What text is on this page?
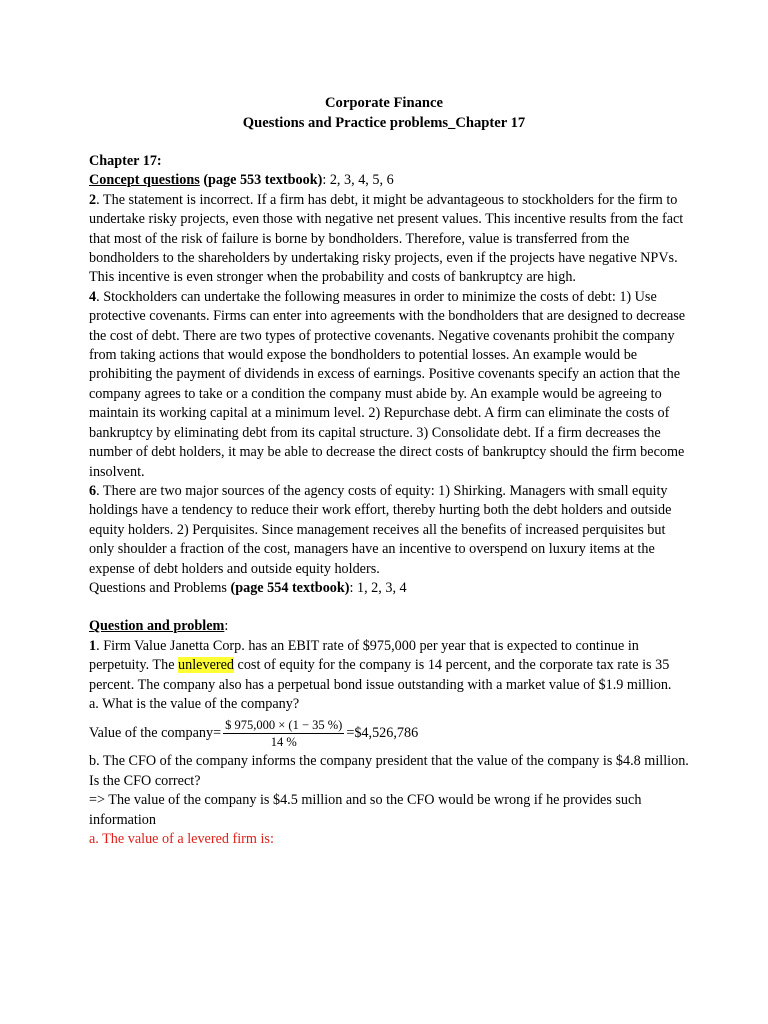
Corporate Finance
Questions and Practice problems_Chapter 17

Chapter 17:

Concept questions (page 553 textbook): 2, 3, 4, 5, 6

2. The statement is incorrect. If a firm has debt, it might be advantageous to stockholders for the firm to undertake risky projects, even those with negative net present values. This incentive results from the fact that most of the risk of failure is borne by bondholders. Therefore, value is transferred from the bondholders to the shareholders by undertaking risky projects, even if the projects have negative NPVs. This incentive is even stronger when the probability and costs of bankruptcy are high.

4. Stockholders can undertake the following measures in order to minimize the costs of debt: 1) Use protective covenants. Firms can enter into agreements with the bondholders that are designed to decrease the cost of debt. There are two types of protective covenants. Negative covenants prohibit the company from taking actions that would expose the bondholders to potential losses. An example would be prohibiting the payment of dividends in excess of earnings. Positive covenants specify an action that the company agrees to take or a condition the company must abide by. An example would be agreeing to maintain its working capital at a minimum level. 2) Repurchase debt. A firm can eliminate the costs of bankruptcy by eliminating debt from its capital structure. 3) Consolidate debt. If a firm decreases the number of debt holders, it may be able to decrease the direct costs of bankruptcy should the firm become insolvent.

6. There are two major sources of the agency costs of equity: 1) Shirking. Managers with small equity holdings have a tendency to reduce their work effort, thereby hurting both the debt holders and outside equity holders. 2) Perquisites. Since management receives all the benefits of increased perquisites but only shoulder a fraction of the cost, managers have an incentive to overspend on luxury items at the expense of debt holders and outside equity holders.

Questions and Problems (page 554 textbook): 1, 2, 3, 4

Question and problem:

1. Firm Value Janetta Corp. has an EBIT rate of $975,000 per year that is expected to continue in perpetuity. The unlevered cost of equity for the company is 14 percent, and the corporate tax rate is 35 percent. The company also has a perpetual bond issue outstanding with a market value of $1.9 million.

a. What is the value of the company?

Value of the company= $\frac{\$ 975,000 \times (1 - 35 \%)}{14 \%}$ =$4,526,786

b. The CFO of the company informs the company president that the value of the company is $4.8 million. Is the CFO correct?

=> The value of the company is $4.5 million and so the CFO would be wrong if he provides such information

a. The value of a levered firm is:
